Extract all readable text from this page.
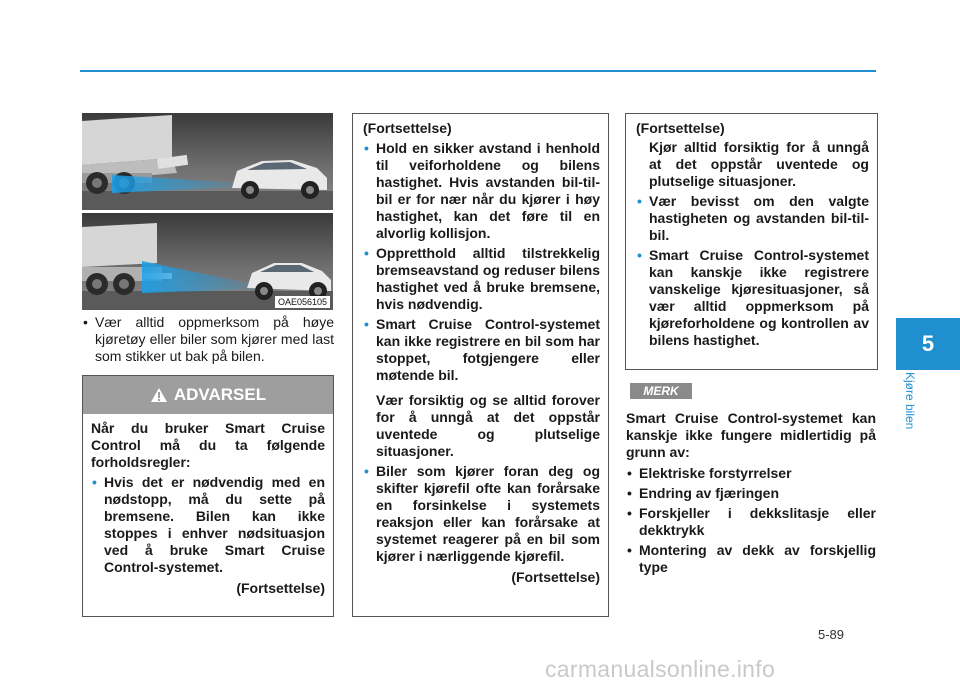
OAE056105
• Vær alltid oppmerksom på høye kjøretøy eller biler som kjører med last som stikker ut bak på bilen.
ADVARSEL

Når du bruker Smart Cruise Control må du ta følgende forholdsregler:

• Hvis det er nødvendig med en nødstopp, må du sette på bremsene. Bilen kan ikke stoppes i enhver nødsituasjon ved å bruke Smart Cruise Control-systemet.

(Fortsettelse)

(Fortsettelse)

• Hold en sikker avstand i henhold til veiforholdene og bilens hastighet. Hvis avstanden bil-til-bil er for nær når du kjører i høy hastighet, kan det føre til en alvorlig kollisjon.
• Oppretthold alltid tilstrekkelig bremseavstand og reduser bilens hastighet ved å bruke bremsene, hvis nødvendig.
• Smart Cruise Control-systemet kan ikke registrere en bil som har stoppet, fotgjengere eller møtende bil.

Vær forsiktig og se alltid forover for å unngå at det oppstår uventede og plutselige situasjoner.

• Biler som kjører foran deg og skifter kjørefil ofte kan forårsake en forsinkelse i systemets reaksjon eller kan forårsake at systemet reagerer på en bil som kjører i nærliggende kjørefil.

(Fortsettelse)

(Fortsettelse)

Kjør alltid forsiktig for å unngå at det oppstår uventede og plutselige situasjoner.

• Vær bevisst om den valgte hastigheten og avstanden bil-til-bil.
• Smart Cruise Control-systemet kan kanskje ikke registrere vanskelige kjøresituasjoner, så vær alltid oppmerksom på kjøreforholdene og kontrollen av bilens hastighet.
MERK

Smart Cruise Control-systemet kan kanskje ikke fungere midlertidig på grunn av:

• Elektriske forstyrrelser
• Endring av fjæringen
• Forskjeller i dekkslitasje eller dekktrykk
• Montering av dekk av forskjellig type
5
Kjøre bilen
5-89
carmanualsonline.info
